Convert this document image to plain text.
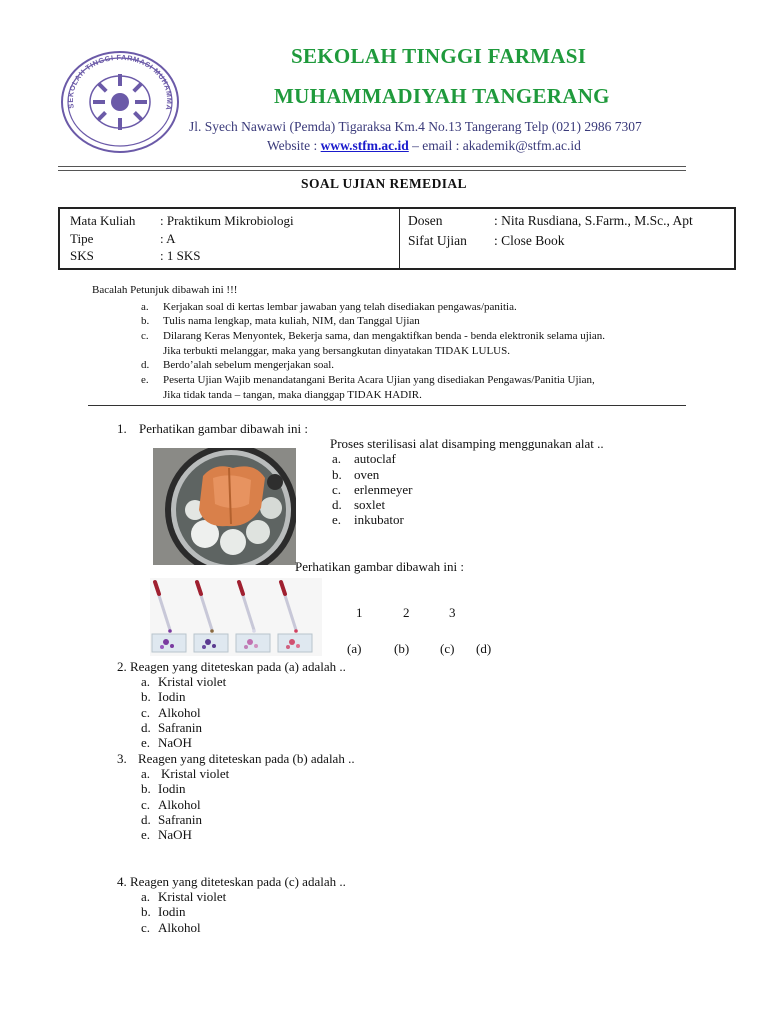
SEKOLAH TINGGI FARMASI MUHAMMA
SEKOLAH TINGGI FARMASI
MUHAMMADIYAH TANGERANG
Jl. Syech Nawawi (Pemda) Tigaraksa Km.4 No.13 Tangerang Telp (021) 2986 7307
Website : www.stfm.ac.id – email : akademik@stfm.ac.id
SOAL UJIAN REMEDIAL
Mata Kuliah : Praktikum Mikrobiologi
Tipe	: A
SKS	: 1 SKS
Dosen	: Nita Rusdiana, S.Farm., M.Sc., Apt
Sifat Ujian : Close Book
Bacalah Petunjuk dibawah ini !!!
a. Kerjakan soal di kertas lembar jawaban yang telah disediakan pengawas/panitia.
b. Tulis nama lengkap, mata kuliah, NIM, dan Tanggal Ujian
c. Dilarang Keras Menyontek, Bekerja sama, dan mengaktifkan benda - benda elektronik selama ujian.
Jika terbukti melanggar, maka yang bersangkutan dinyatakan TIDAK LULUS.
d. Berdo’alah sebelum mengerjakan soal.
e. Peserta Ujian Wajib menandatangani Berita Acara Ujian yang disediakan Pengawas/Panitia Ujian,
Jika tidak tanda – tangan, maka dianggap TIDAK HADIR.
1. Perhatikan gambar dibawah ini :
Proses sterilisasi alat disamping menggunakan alat ..
a. autoclaf
b. oven
c. erlenmeyer
d. soxlet
e. inkubator
Perhatikan gambar dibawah ini :
1	2	3
(a)	(b) (c) (d)
2. Reagen yang diteteskan pada (a) adalah ..
a. Kristal violet
b. Iodin
c. Alkohol
d. Safranin
e. NaOH
3. Reagen yang diteteskan pada (b) adalah ..
a. Kristal violet
b. Iodin
c. Alkohol
d. Safranin
e. NaOH
4. Reagen yang diteteskan pada (c) adalah ..
a. Kristal violet
b. Iodin
c. Alkohol
